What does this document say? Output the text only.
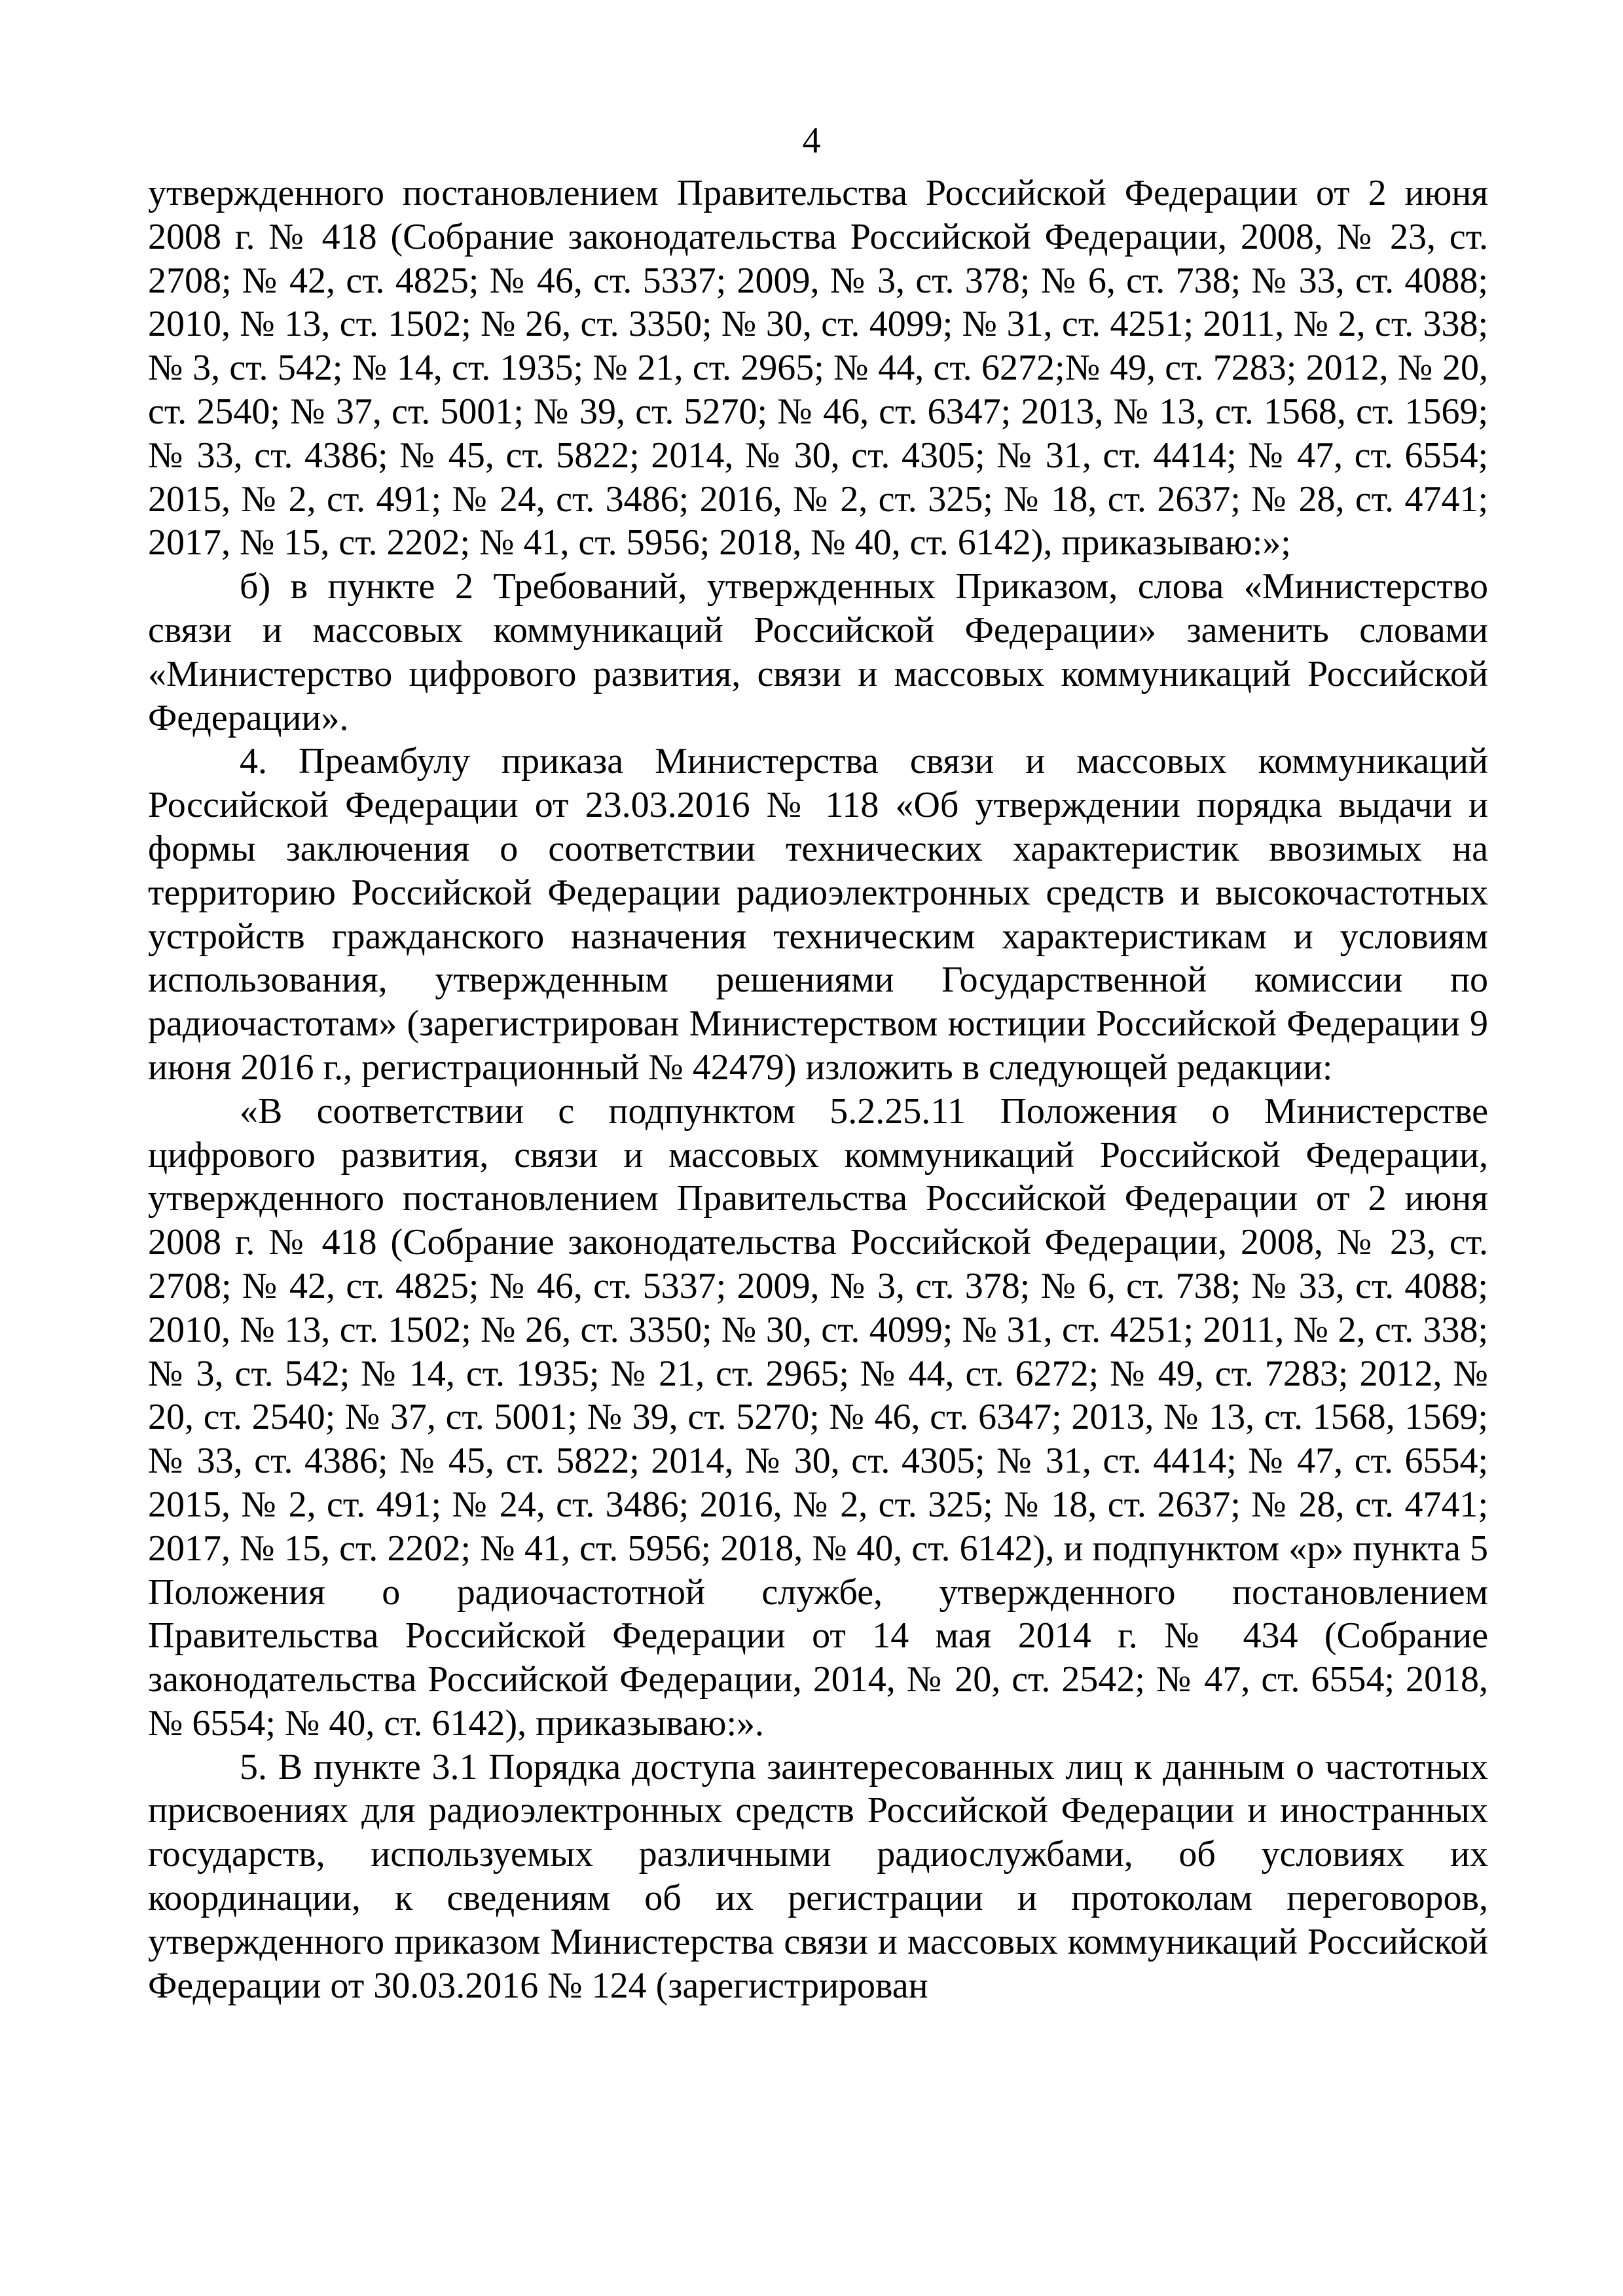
4

утвержденного постановлением Правительства Российской Федерации от 2 июня 2008 г. № 418 (Собрание законодательства Российской Федерации, 2008, № 23, ст. 2708; № 42, ст. 4825; № 46, ст. 5337; 2009, № 3, ст. 378; № 6, ст. 738; № 33, ст. 4088; 2010, № 13, ст. 1502; № 26, ст. 3350; № 30, ст. 4099; № 31, ст. 4251; 2011, № 2, ст. 338; № 3, ст. 542; № 14, ст. 1935; № 21, ст. 2965; № 44, ст. 6272;№ 49, ст. 7283; 2012, № 20, ст. 2540; № 37, ст. 5001; № 39, ст. 5270; № 46, ст. 6347; 2013, № 13, ст. 1568, ст. 1569; № 33, ст. 4386; № 45, ст. 5822; 2014, № 30, ст. 4305; № 31, ст. 4414; № 47, ст. 6554; 2015, № 2, ст. 491; № 24, ст. 3486; 2016, № 2, ст. 325; № 18, ст. 2637; № 28, ст. 4741; 2017, № 15, ст. 2202; № 41, ст. 5956; 2018, № 40, ст. 6142), приказываю:»;

б) в пункте 2 Требований, утвержденных Приказом, слова «Министерство связи и массовых коммуникаций Российской Федерации» заменить словами «Министерство цифрового развития, связи и массовых коммуникаций Российской Федерации».

4. Преамбулу приказа Министерства связи и массовых коммуникаций Российской Федерации от 23.03.2016 № 118 «Об утверждении порядка выдачи и формы заключения о соответствии технических характеристик ввозимых на территорию Российской Федерации радиоэлектронных средств и высокочастотных устройств гражданского назначения техническим характеристикам и условиям использования, утвержденным решениями Государственной комиссии по радиочастотам» (зарегистрирован Министерством юстиции Российской Федерации 9 июня 2016 г., регистрационный № 42479) изложить в следующей редакции:

«В соответствии с подпунктом 5.2.25.11 Положения о Министерстве цифрового развития, связи и массовых коммуникаций Российской Федерации, утвержденного постановлением Правительства Российской Федерации от 2 июня 2008 г. № 418 (Собрание законодательства Российской Федерации, 2008, № 23, ст. 2708; № 42, ст. 4825; № 46, ст. 5337; 2009, № 3, ст. 378; № 6, ст. 738; № 33, ст. 4088; 2010, № 13, ст. 1502; № 26, ст. 3350; № 30, ст. 4099; № 31, ст. 4251; 2011, № 2, ст. 338; № 3, ст. 542; № 14, ст. 1935; № 21, ст. 2965; № 44, ст. 6272; № 49, ст. 7283; 2012, № 20, ст. 2540; № 37, ст. 5001; № 39, ст. 5270; № 46, ст. 6347; 2013, № 13, ст. 1568, 1569; № 33, ст. 4386; № 45, ст. 5822; 2014, № 30, ст. 4305; № 31, ст. 4414; № 47, ст. 6554; 2015, № 2, ст. 491; № 24, ст. 3486; 2016, № 2, ст. 325; № 18, ст. 2637; № 28, ст. 4741; 2017, № 15, ст. 2202; № 41, ст. 5956; 2018, № 40, ст. 6142), и подпунктом «р» пункта 5 Положения о радиочастотной службе, утвержденного постановлением Правительства Российской Федерации от 14 мая 2014 г. № 434 (Собрание законодательства Российской Федерации, 2014, № 20, ст. 2542; № 47, ст. 6554; 2018, № 6554; № 40, ст. 6142), приказываю:».

5. В пункте 3.1 Порядка доступа заинтересованных лиц к данным о частотных присвоениях для радиоэлектронных средств Российской Федерации и иностранных государств, используемых различными радиослужбами, об условиях их координации, к сведениям об их регистрации и протоколам переговоров, утвержденного приказом Министерства связи и массовых коммуникаций Российской Федерации от 30.03.2016 № 124 (зарегистрирован
